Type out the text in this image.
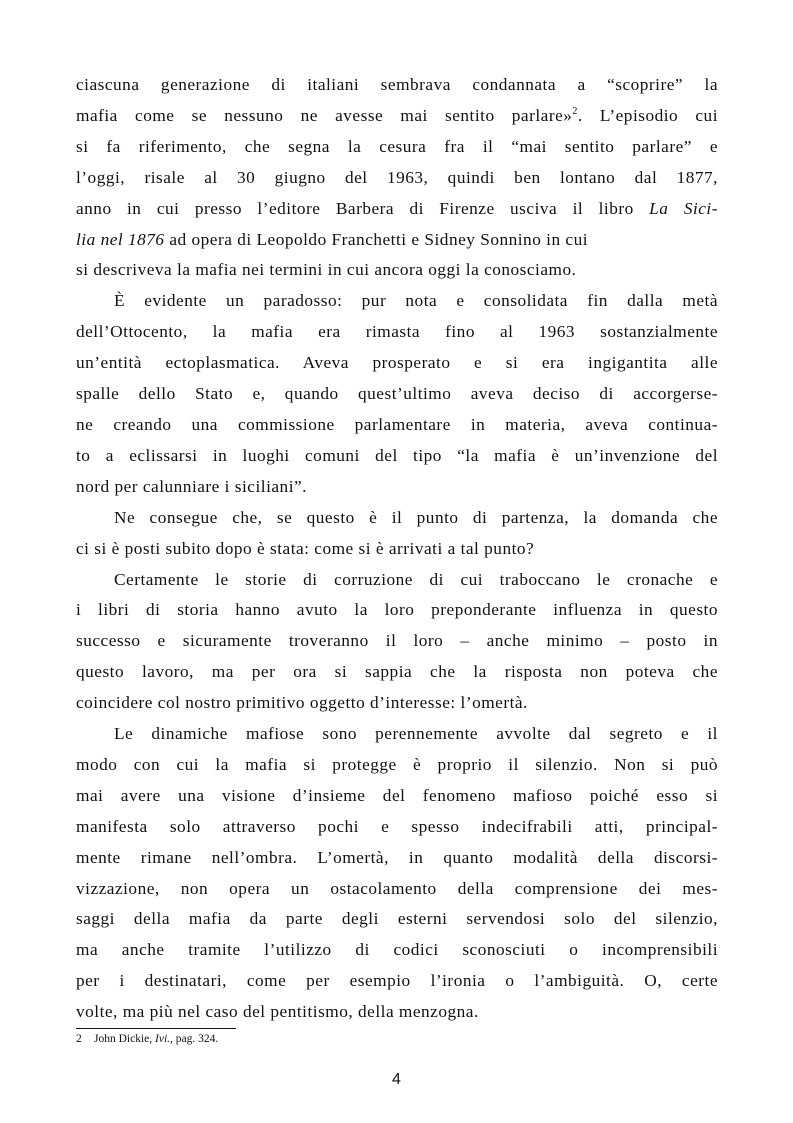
ciascuna generazione di italiani sembrava condannata a “scoprire” la
mafia come se nessuno ne avesse mai sentito parlare»$^2$. L’episodio cui
si fa riferimento, che segna la cesura fra il “mai sentito parlare” e
l’oggi, risale al 30 giugno del 1963, quindi ben lontano dal 1877,
anno in cui presso l’editore Barbera di Firenze usciva il libro La Sici-
lia nel 1876 ad opera di Leopoldo Franchetti e Sidney Sonnino in cui
si descriveva la mafia nei termini in cui ancora oggi la conosciamo.
È evidente un paradosso: pur nota e consolidata fin dalla metà
dell’Ottocento, la mafia era rimasta fino al 1963 sostanzialmente
un’entità ectoplasmatica. Aveva prosperato e si era ingigantita alle
spalle dello Stato e, quando quest’ultimo aveva deciso di accorgerse-
ne creando una commissione parlamentare in materia, aveva continua-
to a eclissarsi in luoghi comuni del tipo “la mafia è un’invenzione del
nord per calunniare i siciliani”.
Ne consegue che, se questo è il punto di partenza, la domanda che
ci si è posti subito dopo è stata: come si è arrivati a tal punto?
Certamente le storie di corruzione di cui traboccano le cronache e
i libri di storia hanno avuto la loro preponderante influenza in questo
successo e sicuramente troveranno il loro – anche minimo – posto in
questo lavoro, ma per ora si sappia che la risposta non poteva che
coincidere col nostro primitivo oggetto d’interesse: l’omertà.
Le dinamiche mafiose sono perennemente avvolte dal segreto e il
modo con cui la mafia si protegge è proprio il silenzio. Non si può
mai avere una visione d’insieme del fenomeno mafioso poiché esso si
manifesta solo attraverso pochi e spesso indecifrabili atti, principal-
mente rimane nell’ombra. L’omertà, in quanto modalità della discorsi-
vizzazione, non opera un ostacolamento della comprensione dei mes-
saggi della mafia da parte degli esterni servendosi solo del silenzio,
ma anche tramite l’utilizzo di codici sconosciuti o incomprensibili
per i destinatari, come per esempio l’ironia o l’ambiguità. O, certe
volte, ma più nel caso del pentitismo, della menzogna.
2 John Dickie, Ivi., pag. 324.
4
